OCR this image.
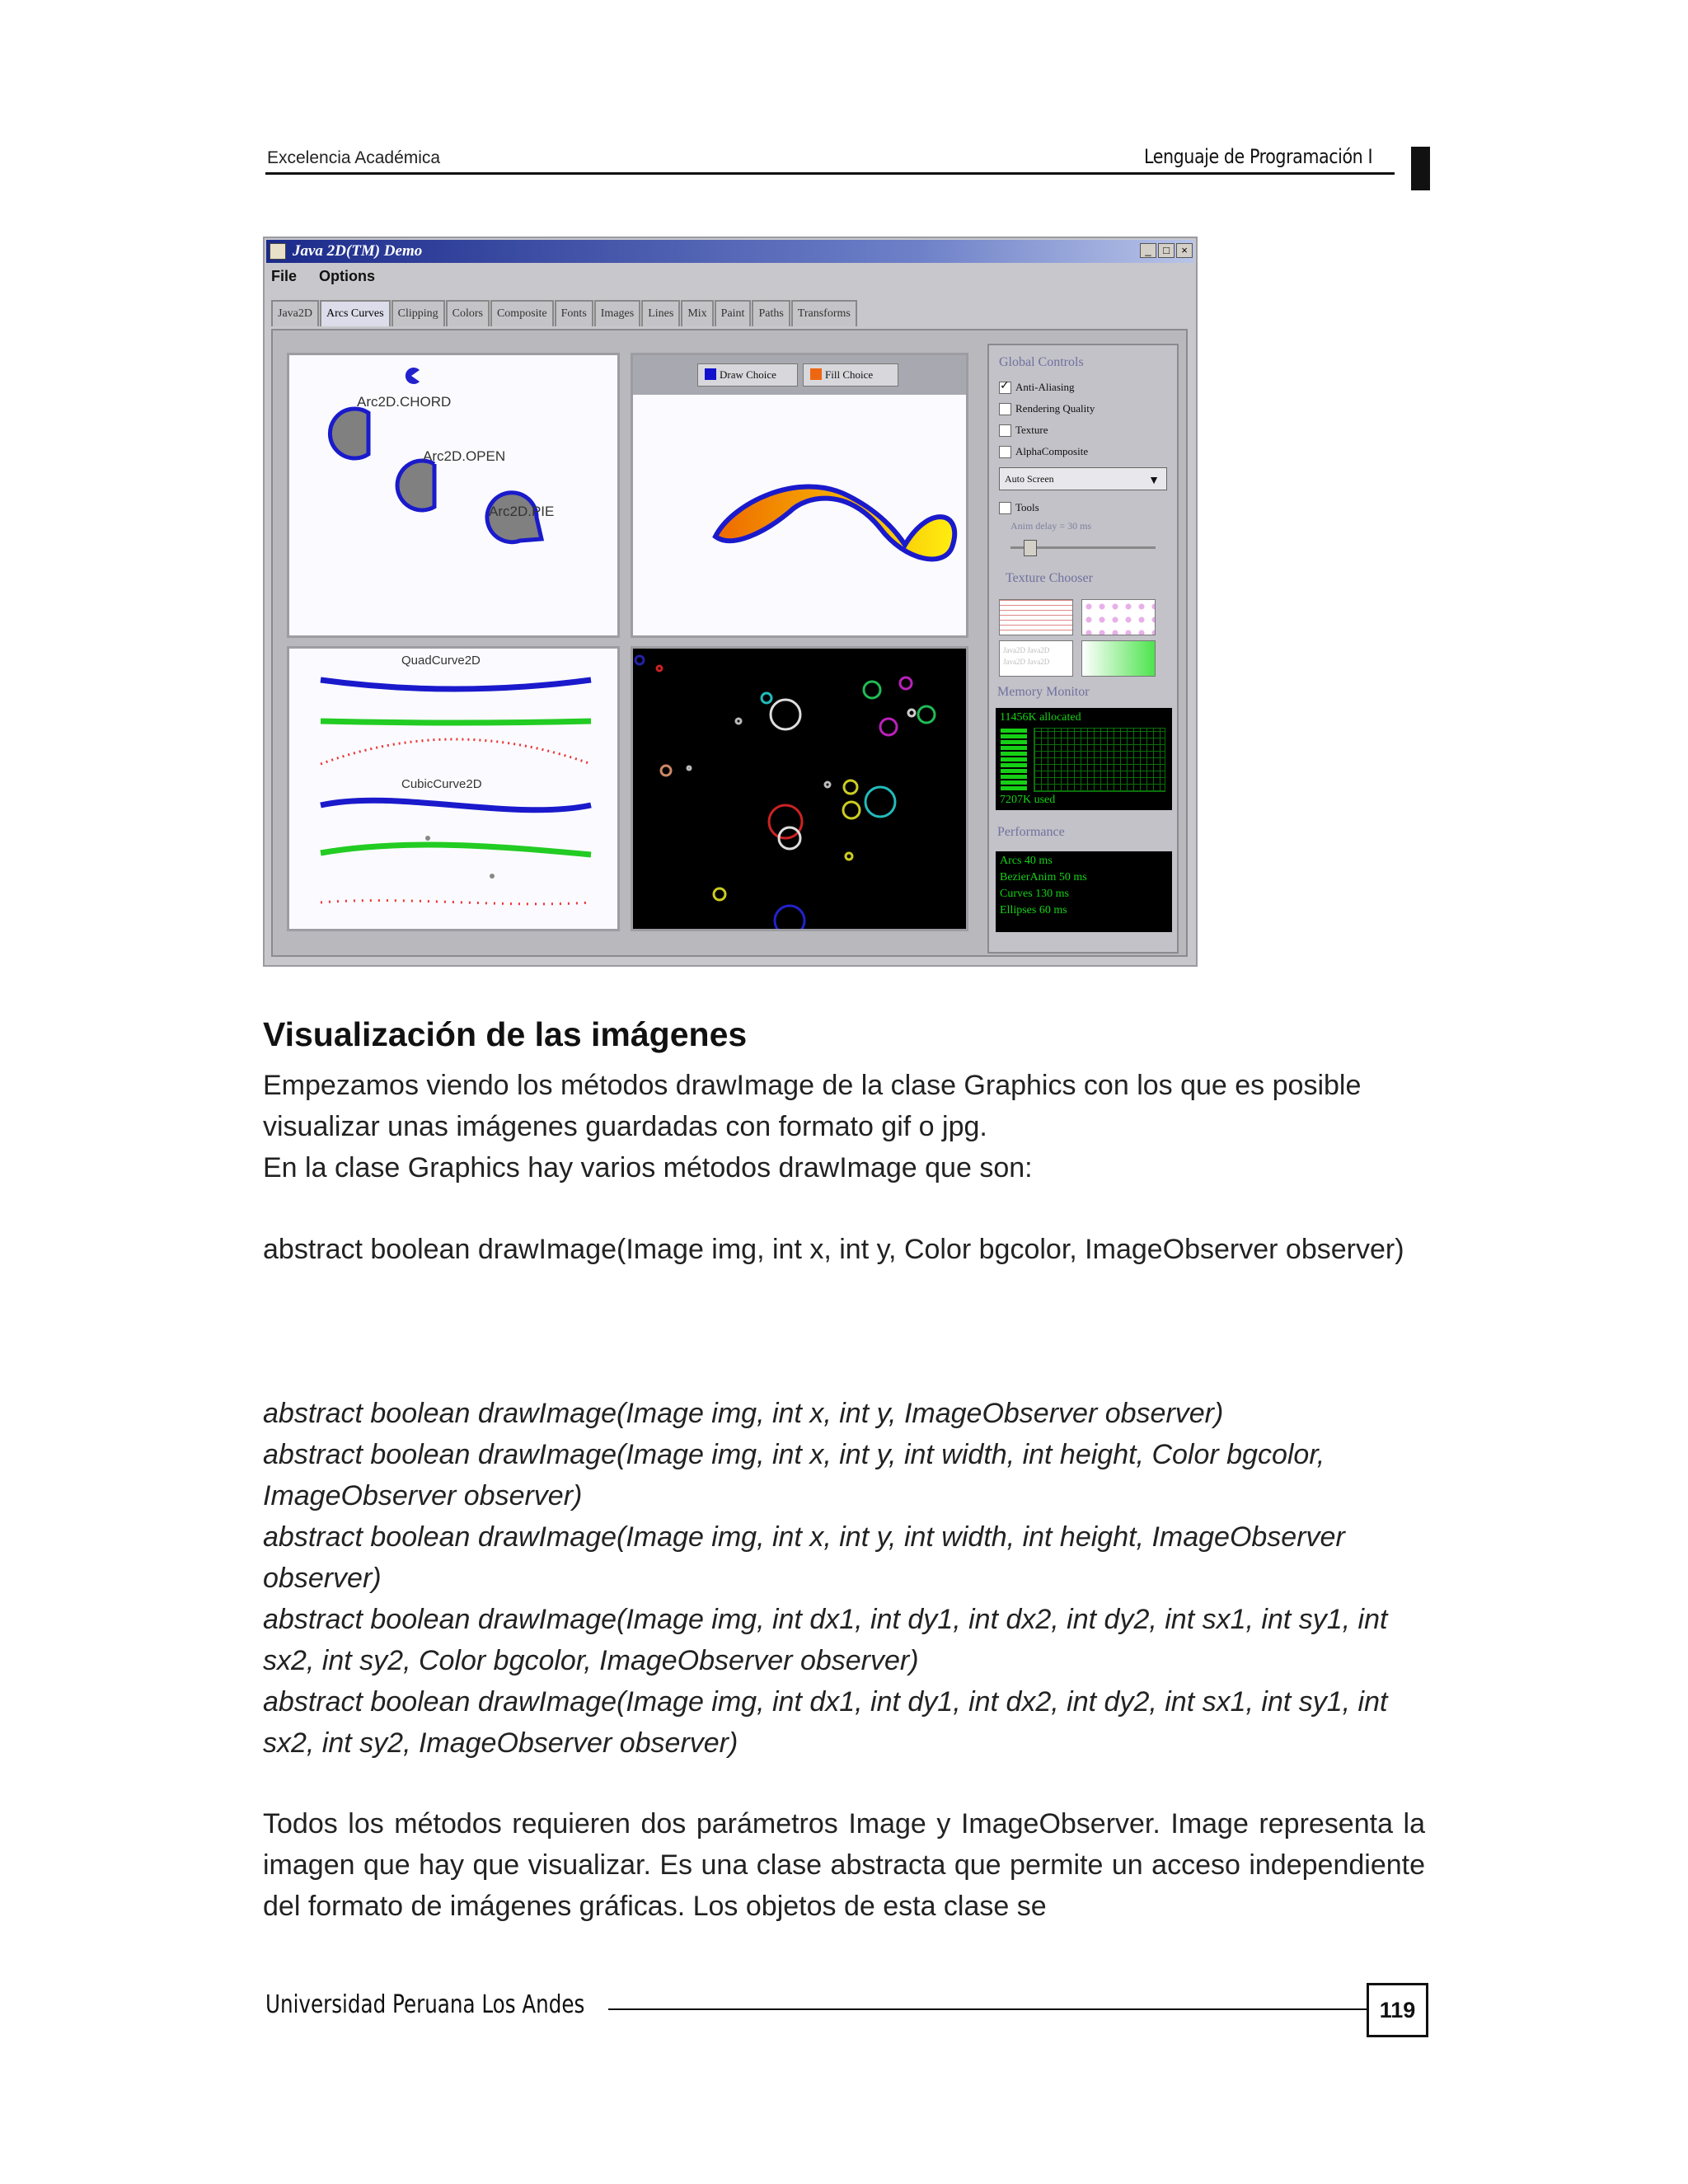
Excelencia Académica	Lenguaje de Programación I
Java 2D(TM) Demo	_	□	×
File Options
Java2D	Arcs Curves	Clipping	Colors	Composite	Fonts	Images	Lines	Mix	Paint	Paths	Transforms
Arc2D.CHORD
Arc2D.OPEN
Arc2D.PIE
Draw Choice	Fill Choice
QuadCurve2D
CubicCurve2D
Global Controls
✓ Anti-Aliasing
Rendering Quality
Texture
AlphaComposite
Auto Screen	▼
Tools
Anim delay = 30 ms
Texture Chooser
Java2D Java2D Java2D Java2D
Memory Monitor
11456K allocated
7207K used
Performance
Arcs 40 ms
BezierAnim 50 ms
Curves 130 ms
Ellipses 60 ms
Visualización de las imágenes
Empezamos viendo los métodos drawImage de la clase Graphics con los que es posible visualizar unas imágenes guardadas con formato gif o jpg.
En la clase Graphics hay varios métodos drawImage que son:
abstract boolean drawImage(Image img, int x, int y, Color bgcolor, ImageObserver observer)
abstract boolean drawImage(Image img, int x, int y, ImageObserver observer)
abstract boolean drawImage(Image img, int x, int y, int width, int height, Color bgcolor, ImageObserver observer)
abstract boolean drawImage(Image img, int x, int y, int width, int height, ImageObserver observer)
abstract boolean drawImage(Image img, int dx1, int dy1, int dx2, int dy2, int sx1, int sy1, int sx2, int sy2, Color bgcolor, ImageObserver observer)
abstract boolean drawImage(Image img, int dx1, int dy1, int dx2, int dy2, int sx1, int sy1, int sx2, int sy2, ImageObserver observer)
Todos los métodos requieren dos parámetros Image y ImageObserver. Image representa la imagen que hay que visualizar. Es una clase abstracta que permite un acceso independiente del formato de imágenes gráficas. Los objetos de esta clase se
Universidad Peruana Los Andes	119
